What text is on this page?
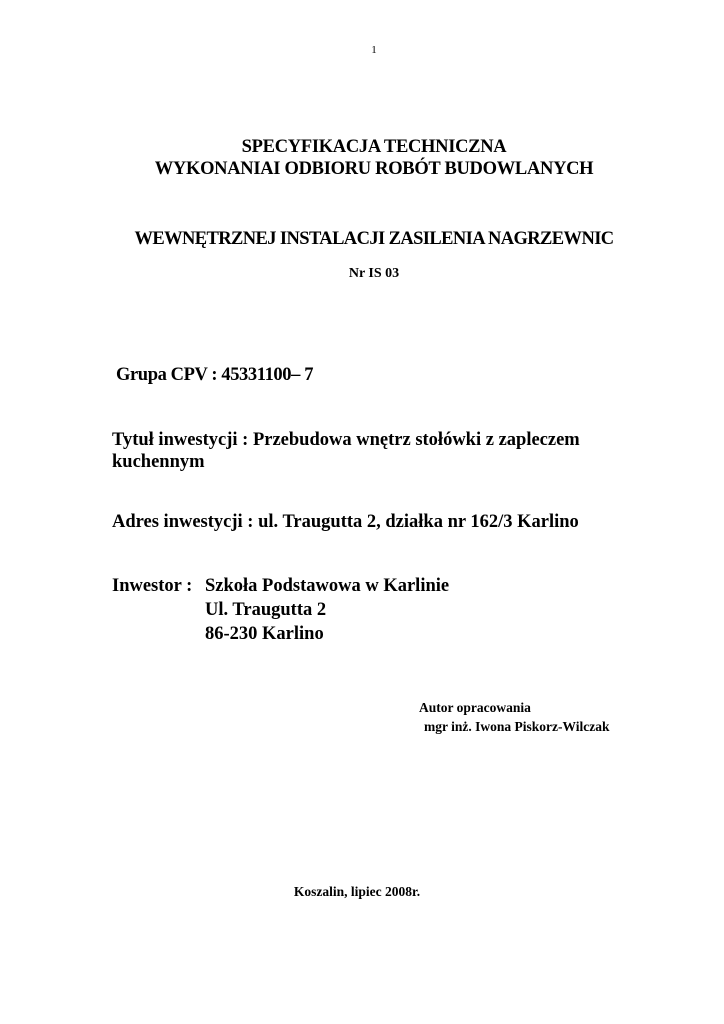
1
SPECYFIKACJA TECHNICZNA
WYKONANIAI ODBIORU ROBÓT BUDOWLANYCH
WEWNĘTRZNEJ INSTALACJI ZASILENIA NAGRZEWNIC
Nr IS 03
Grupa CPV : 45331100– 7
Tytuł inwestycji : Przebudowa wnętrz stołówki z zapleczem
kuchennym
Adres inwestycji : ul. Traugutta 2, działka nr 162/3 Karlino
Inwestor : Szkoła Podstawowa w Karlinie
Ul. Traugutta 2
86-230 Karlino
Autor opracowania
mgr inż. Iwona Piskorz-Wilczak
Koszalin, lipiec 2008r.
